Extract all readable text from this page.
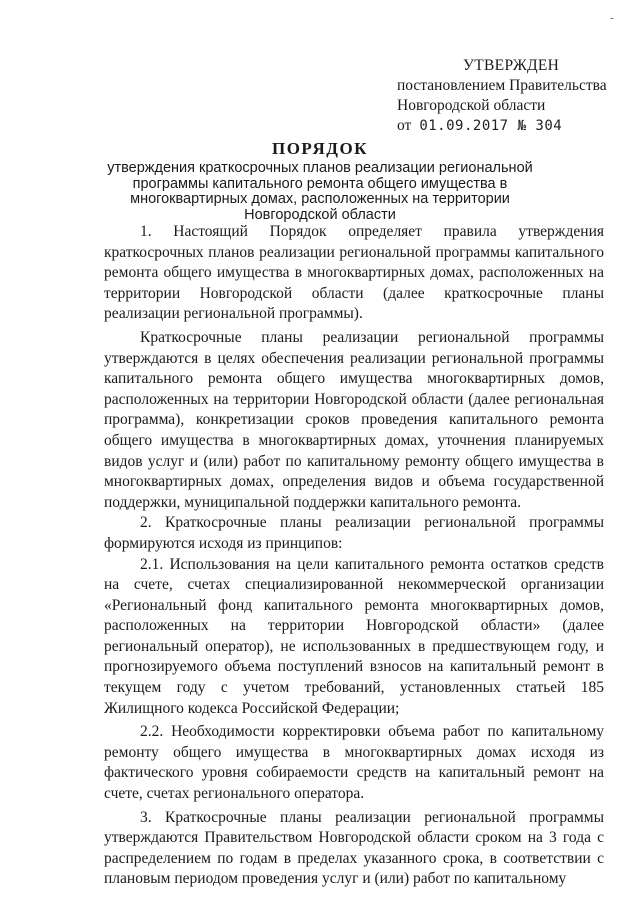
-
УТВЕРЖДЕН
постановлением Правительства
Новгородской области
от 01.09.2017 № 304
ПОРЯДОК
утверждения краткосрочных планов реализации региональной программы капитального ремонта общего имущества в многоквартирных домах, расположенных на территории Новгородской области

1. Настоящий Порядок определяет правила утверждения краткосрочных планов реализации региональной программы капитального ремонта общего имущества в многоквартирных домах, расположенных на территории Новгородской области (далее краткосрочные планы реализации региональной программы).

Краткосрочные планы реализации региональной программы утверждаются в целях обеспечения реализации региональной программы капитального ремонта общего имущества многоквартирных домов, расположенных на территории Новгородской области (далее региональная программа), конкретизации сроков проведения капитального ремонта общего имущества в многоквартирных домах, уточнения планируемых видов услуг и (или) работ по капитальному ремонту общего имущества в многоквартирных домах, определения видов и объема государственной поддержки, муниципальной поддержки капитального ремонта.

2. Краткосрочные планы реализации региональной программы формируются исходя из принципов:

2.1. Использования на цели капитального ремонта остатков средств на счете, счетах специализированной некоммерческой организации «Региональный фонд капитального ремонта многоквартирных домов, расположенных на территории Новгородской области» (далее региональный оператор), не использованных в предшествующем году, и прогнозируемого объема поступлений взносов на капитальный ремонт в текущем году с учетом требований, установленных статьей 185 Жилищного кодекса Российской Федерации;

2.2. Необходимости корректировки объема работ по капитальному ремонту общего имущества в многоквартирных домах исходя из фактического уровня собираемости средств на капитальный ремонт на счете, счетах регионального оператора.

3. Краткосрочные планы реализации региональной программы утверждаются Правительством Новгородской области сроком на 3 года с распределением по годам в пределах указанного срока, в соответствии с плановым периодом проведения услуг и (или) работ по капитальному
